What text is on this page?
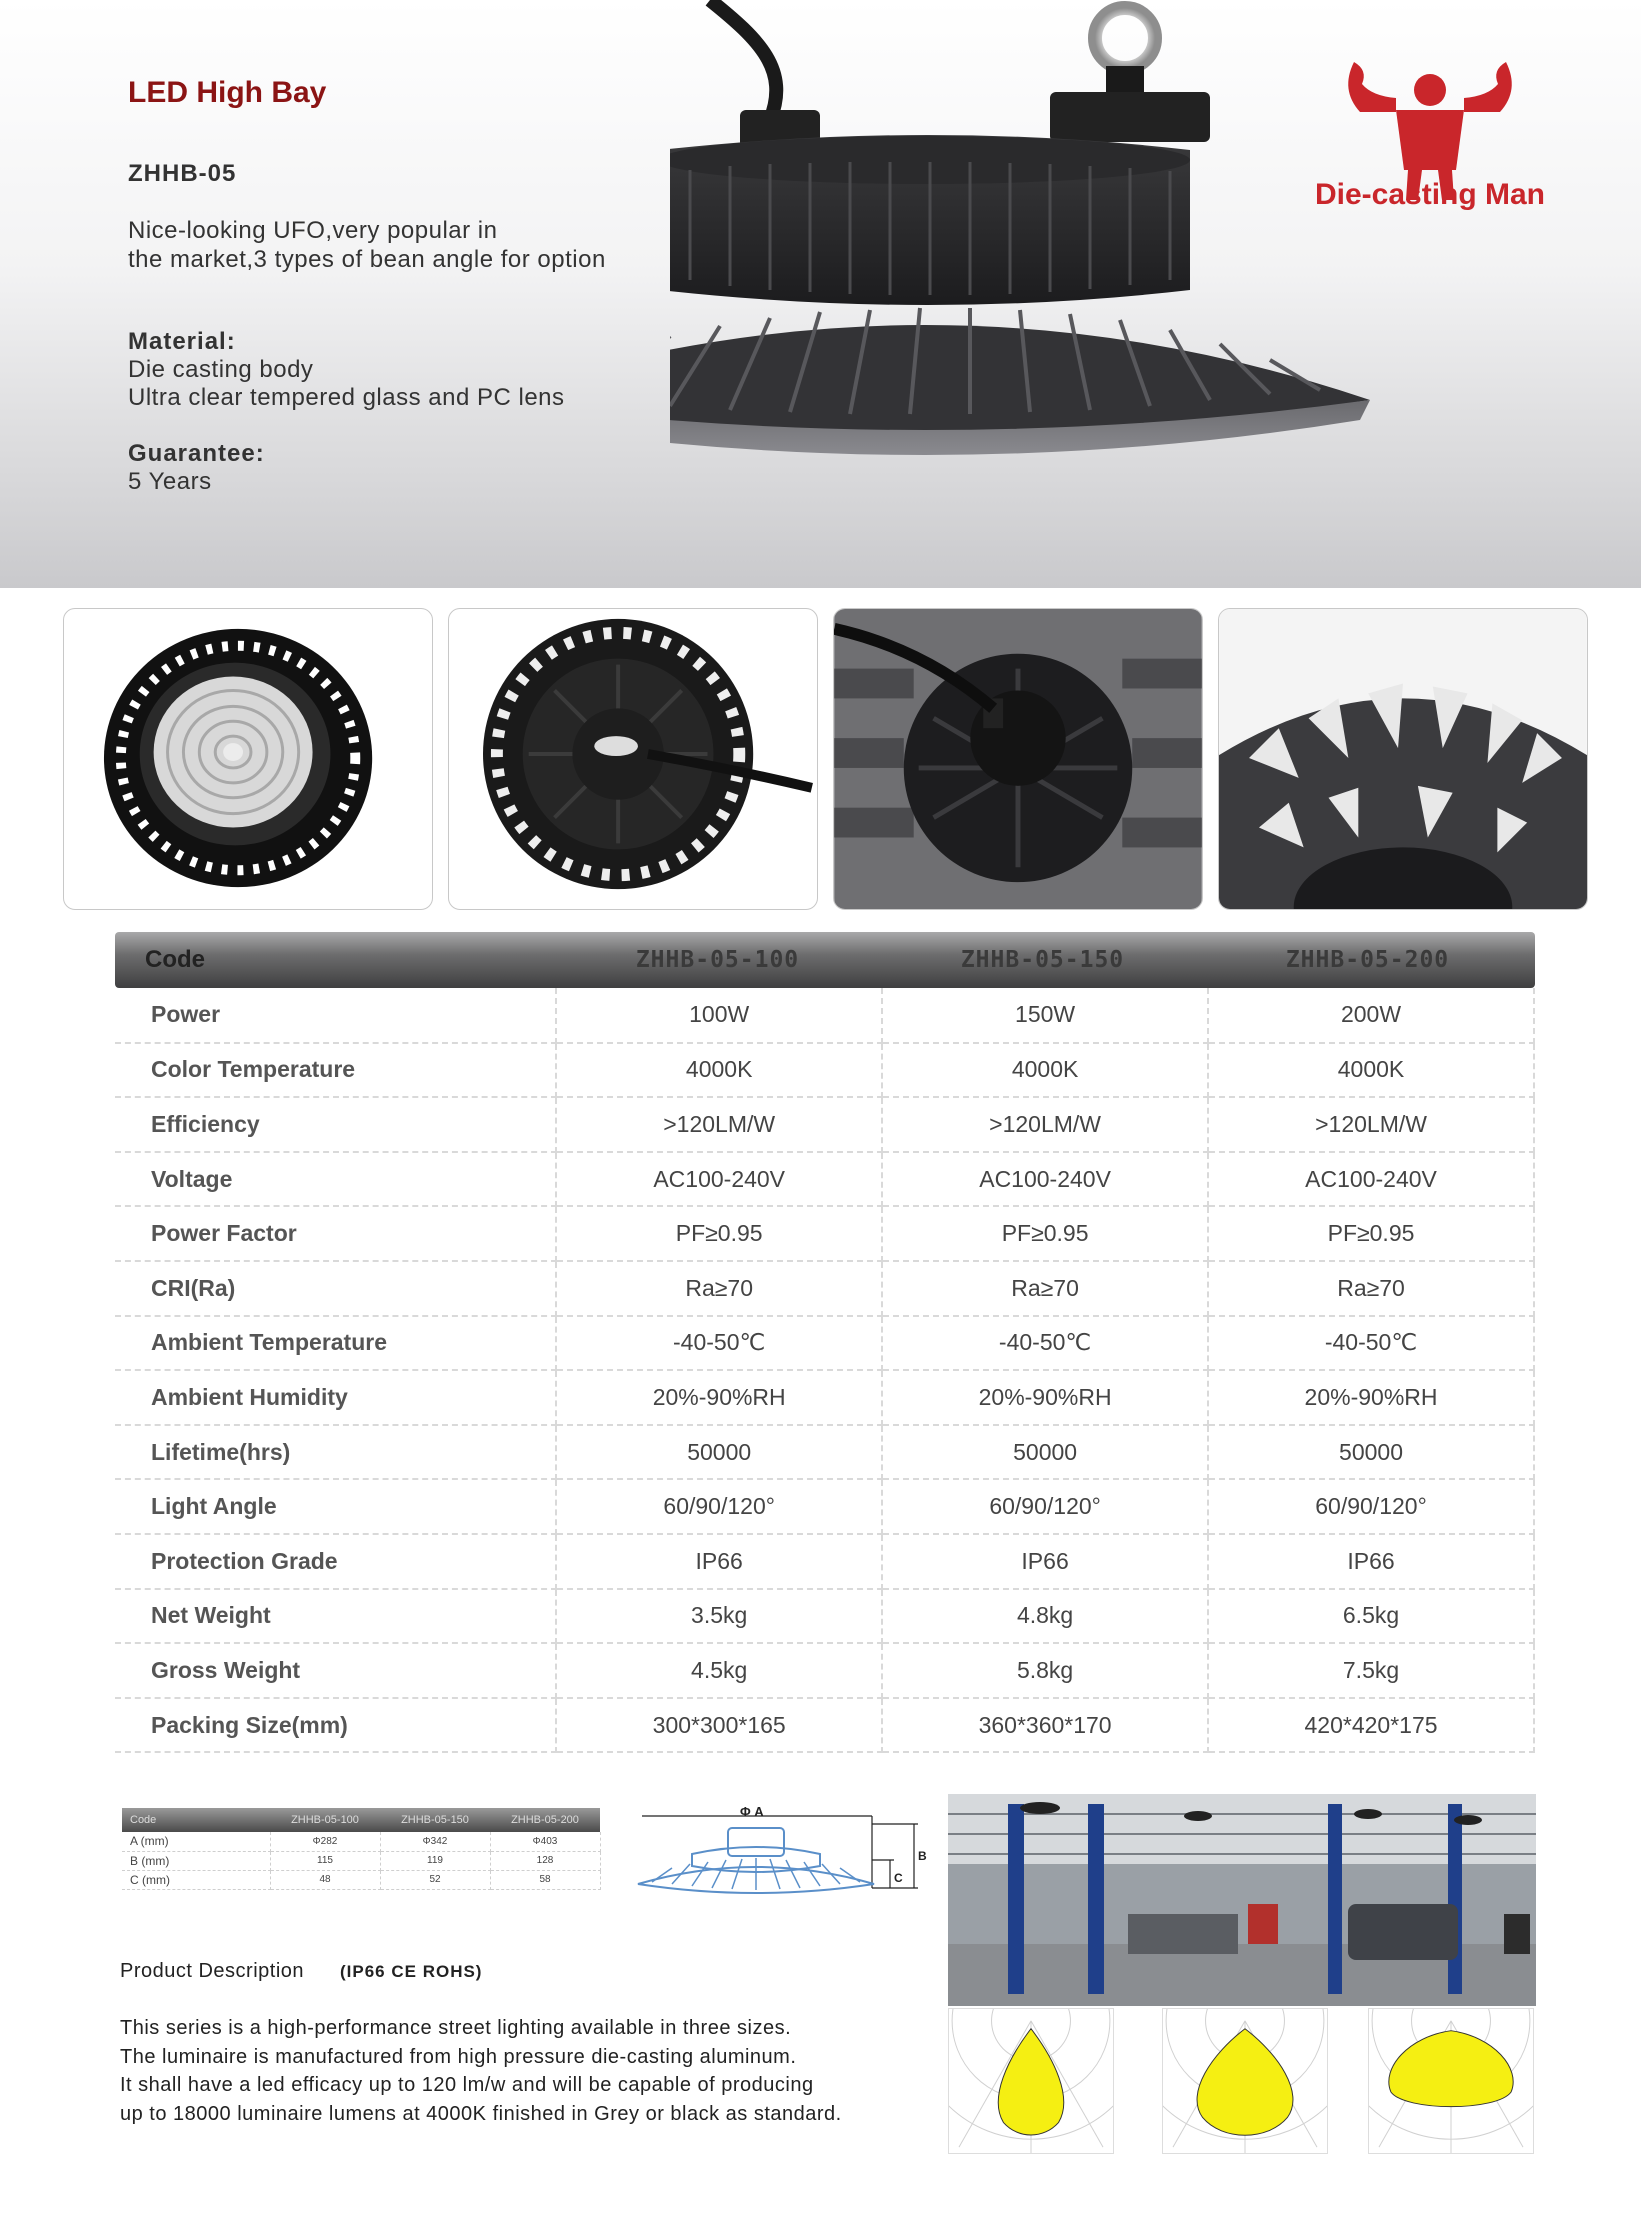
LED High Bay
ZHHB-05
Nice-looking UFO,very popular in
the market,3 types of bean angle for option
Material:
Die casting body
Ultra clear tempered glass and PC lens
Guarantee:
5 Years
Die-casting Man
Code	ZHHB-05-100	ZHHB-05-150	ZHHB-05-200
Power	100W	150W	200W
Color Temperature	4000K	4000K	4000K
Efficiency	>120LM/W	>120LM/W	>120LM/W
Voltage	AC100-240V	AC100-240V	AC100-240V
Power Factor	PF≥0.95	PF≥0.95	PF≥0.95
CRI(Ra)	Ra≥70	Ra≥70	Ra≥70
Ambient Temperature	-40-50℃	-40-50℃	-40-50℃
Ambient Humidity	20%-90%RH	20%-90%RH	20%-90%RH
Lifetime(hrs)	50000	50000	50000
Light Angle	60/90/120°	60/90/120°	60/90/120°
Protection Grade	IP66	IP66	IP66
Net Weight	3.5kg	4.8kg	6.5kg
Gross Weight	4.5kg	5.8kg	7.5kg
Packing Size(mm)	300*300*165	360*360*170	420*420*175
Code	ZHHB-05-100	ZHHB-05-150	ZHHB-05-200
A (mm)	Φ282	Φ342	Φ403
B (mm)	115	119	128
C (mm)	48	52	58
Φ A
B
C
Product Description (IP66 CE ROHS)
This series is a high-performance street lighting available in three sizes.
The luminaire is manufactured from high pressure die-casting aluminum.
It shall have a led efficacy up to 120 lm/w and will be capable of producing
up to 18000 luminaire lumens at 4000K finished in Grey or black as standard.
